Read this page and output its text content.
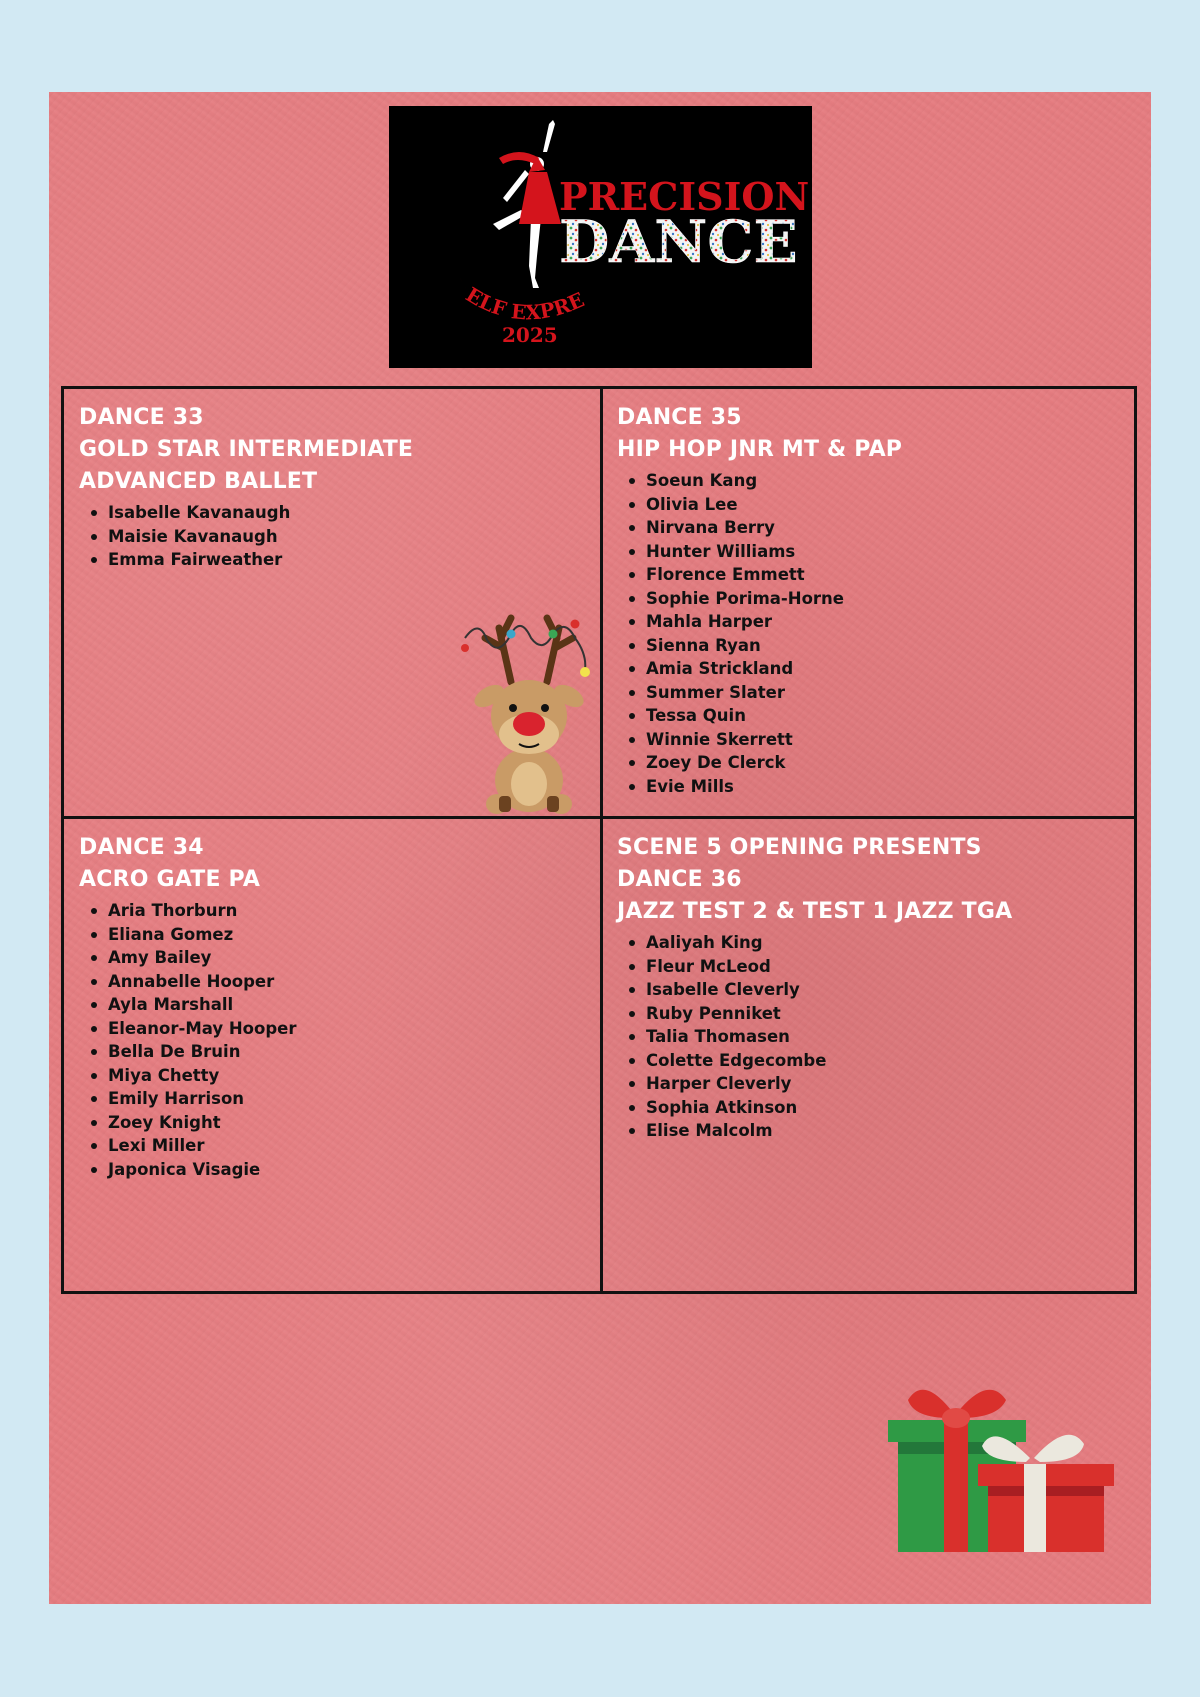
PRECISION
DANCE
ELF EXPRE
2025
DANCE 33
GOLD STAR INTERMEDIATE
ADVANCED BALLET
Isabelle Kavanaugh
Maisie Kavanaugh
Emma Fairweather
DANCE 35
HIP HOP JNR MT & PAP
Soeun Kang
Olivia Lee
Nirvana Berry
Hunter Williams
Florence Emmett
Sophie Porima-Horne
Mahla Harper
Sienna Ryan
Amia Strickland
Summer Slater
Tessa Quin
Winnie Skerrett
Zoey De Clerck
Evie Mills
DANCE 34
ACRO GATE PA
Aria Thorburn
Eliana Gomez
Amy Bailey
Annabelle Hooper
Ayla Marshall
Eleanor-May Hooper
Bella De Bruin
Miya Chetty
Emily Harrison
Zoey Knight
Lexi Miller
Japonica Visagie
SCENE 5 OPENING PRESENTS
DANCE 36
JAZZ TEST 2 & TEST 1 JAZZ TGA
Aaliyah King
Fleur McLeod
Isabelle Cleverly
Ruby Penniket
Talia Thomasen
Colette Edgecombe
Harper Cleverly
Sophia Atkinson
Elise Malcolm
